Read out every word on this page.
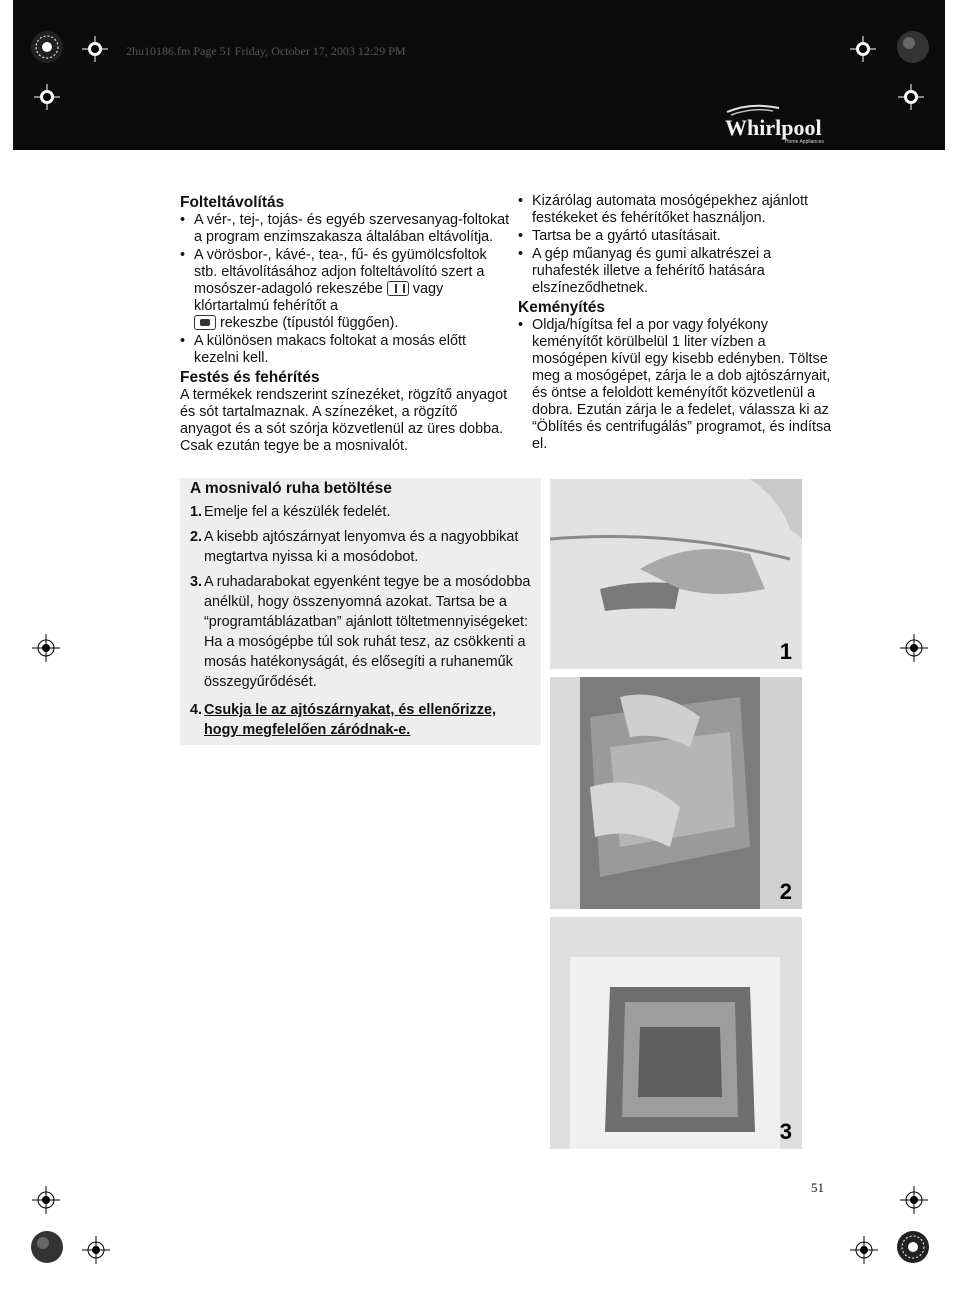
2hu10186.fm Page 51 Friday, October 17, 2003 12:29 PM
Whirlpool
Home Appliances
Folteltávolítás
• A vér-, tej-, tojás- és egyéb szervesanyag-foltokat a program enzimszakasza általában eltávolítja.
• A vörösbor-, kávé-, tea-, fű- és gyümölcsfoltok stb. eltávolításához adjon folteltávolító szert a mosószer-adagoló rekeszébe vagy klórtartalmú fehérítőt a

rekeszbe (típustól függően).
• A különösen makacs foltokat a mosás előtt kezelni kell.
Festés és fehérítés

A termékek rendszerint színezéket, rögzítő anyagot és sót tartalmaznak. A színezéket, a rögzítő anyagot és a sót szórja közvetlenül az üres dobba. Csak ezután tegye be a mosnivalót.

• Kizárólag automata mosógépekhez ajánlott festékeket és fehérítőket használjon.
• Tartsa be a gyártó utasításait.
• A gép műanyag és gumi alkatrészei a ruhafesték illetve a fehérítő hatására elszíneződhetnek.
Keményítés
• Oldja/hígítsa fel a por vagy folyékony keményítőt körülbelül 1 liter vízben a mosógépen kívül egy kisebb edényben. Töltse meg a mosógépet, zárja le a dob ajtószárnyait, és öntse a feloldott keményítőt közvetlenül a dobra. Ezután zárja le a fedelet, válassza ki az “Öblítés és centrifugálás” programot, és indítsa el.
A mosnivaló ruha betöltése
1. Emelje fel a készülék fedelét.
2. A kisebb ajtószárnyat lenyomva és a nagyobbikat megtartva nyissa ki a mosódobot.
3. A ruhadarabokat egyenként tegye be a mosódobba anélkül, hogy összenyomná azokat. Tartsa be a “programtáblázatban” ajánlott töltetmennyiségeket: Ha a mosógépbe túl sok ruhát tesz, az csökkenti a mosás hatékonyságát, és elősegíti a ruhaneműk összegyűrődését.
4. Csukja le az ajtószárnyakat, és ellenőrizze, hogy megfelelően záródnak-e.
1
2
3
51
